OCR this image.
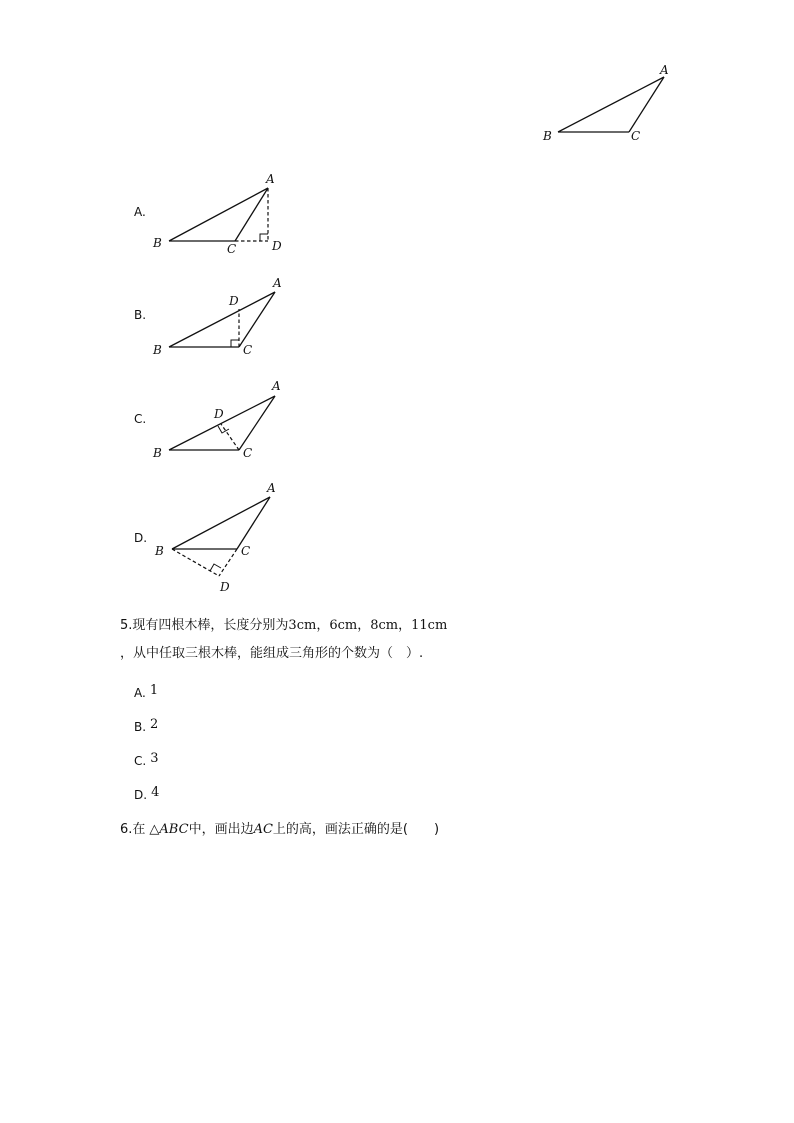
A
B	C
A.
A
B	C	D
B.
A
B	C
D
C.
A
B	C
D
D.
A
B	C
D
5.现有四根木棒，长度分别为3cm，6cm，8cm，11cm
，从中任取三根木棒，能组成三角形的个数为（　）.
A. 1
B. 2
C. 3
D. 4
6.在 △ABC中，画出边AC上的高，画法正确的是(　　)
